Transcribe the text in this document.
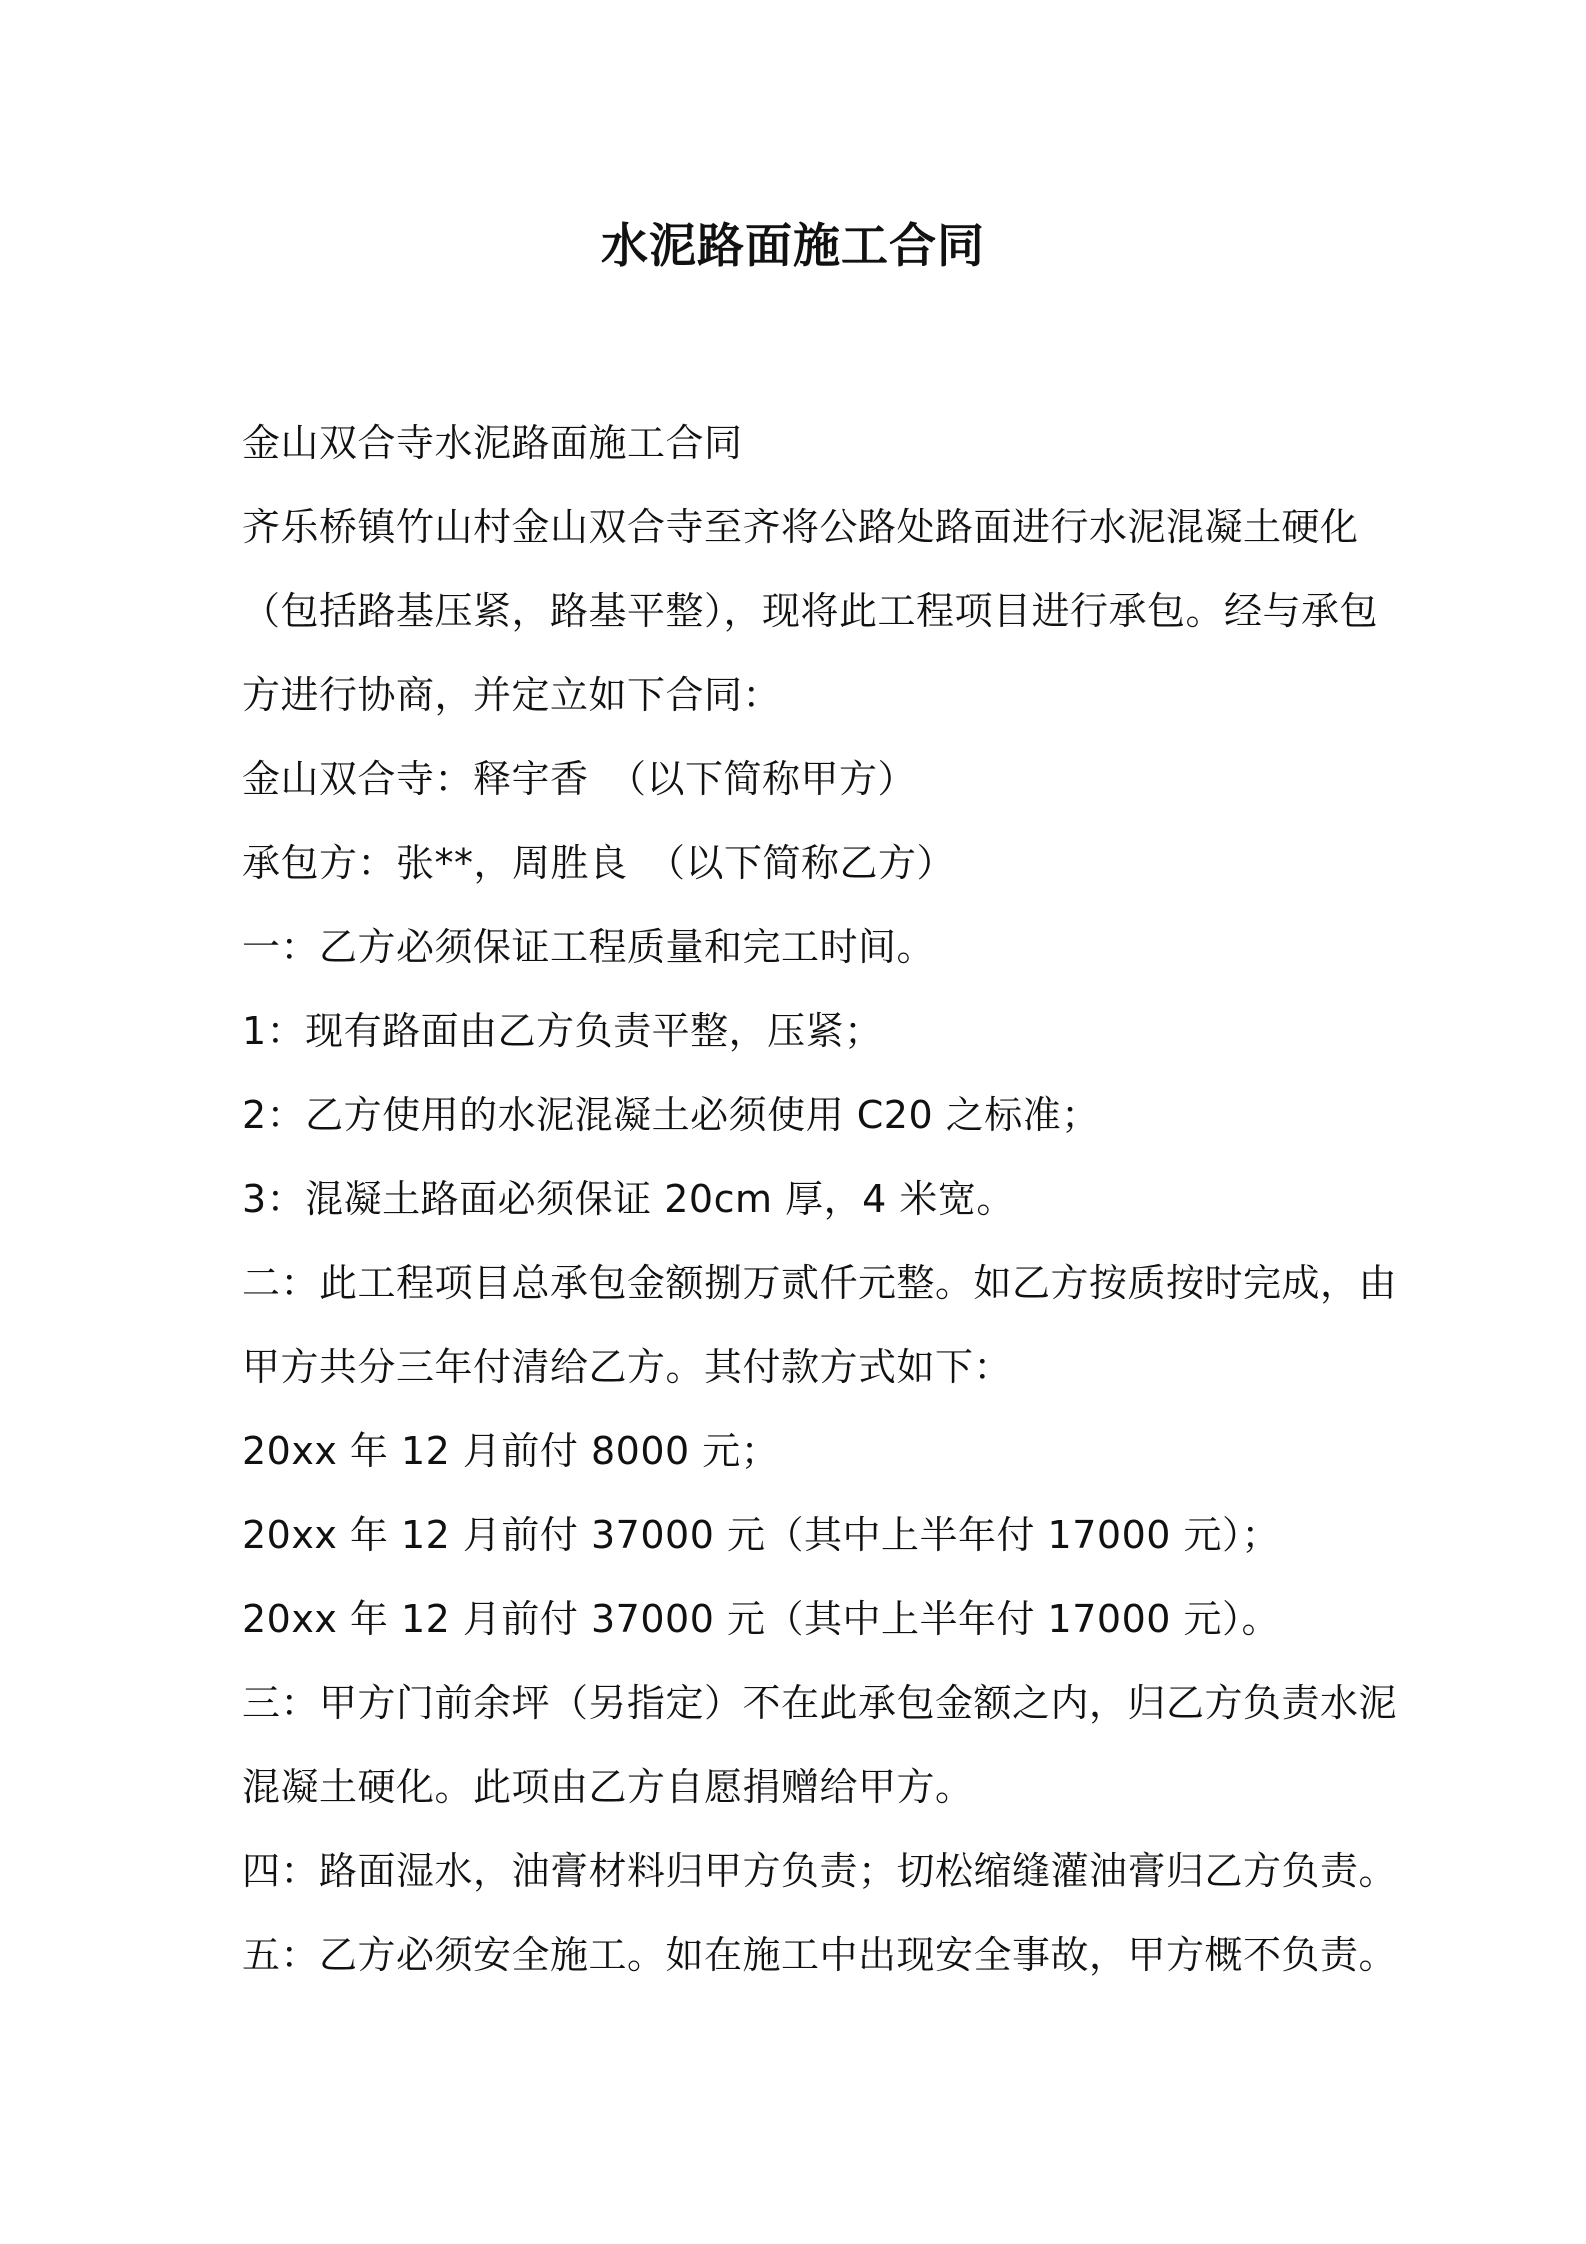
水泥路面施工合同
金山双合寺水泥路面施工合同
齐乐桥镇竹山村金山双合寺至齐将公路处路面进行水泥混凝土硬化
（包括路基压紧，路基平整），现将此工程项目进行承包。经与承包
方进行协商，并定立如下合同：
金山双合寺：释宇香　（以下简称甲方）
承包方：张**，周胜良　（以下简称乙方）
一：乙方必须保证工程质量和完工时间。
1：现有路面由乙方负责平整，压紧；
2：乙方使用的水泥混凝土必须使用 C20 之标准；
3：混凝土路面必须保证 20cm 厚，4 米宽。
二：此工程项目总承包金额捌万贰仟元整。如乙方按质按时完成，由
甲方共分三年付清给乙方。其付款方式如下：
20xx 年 12 月前付 8000 元；
20xx 年 12 月前付 37000 元（其中上半年付 17000 元）；
20xx 年 12 月前付 37000 元（其中上半年付 17000 元）。
三：甲方门前余坪（另指定）不在此承包金额之内，归乙方负责水泥
混凝土硬化。此项由乙方自愿捐赠给甲方。
四：路面湿水，油膏材料归甲方负责；切松缩缝灌油膏归乙方负责。
五：乙方必须安全施工。如在施工中出现安全事故，甲方概不负责。
